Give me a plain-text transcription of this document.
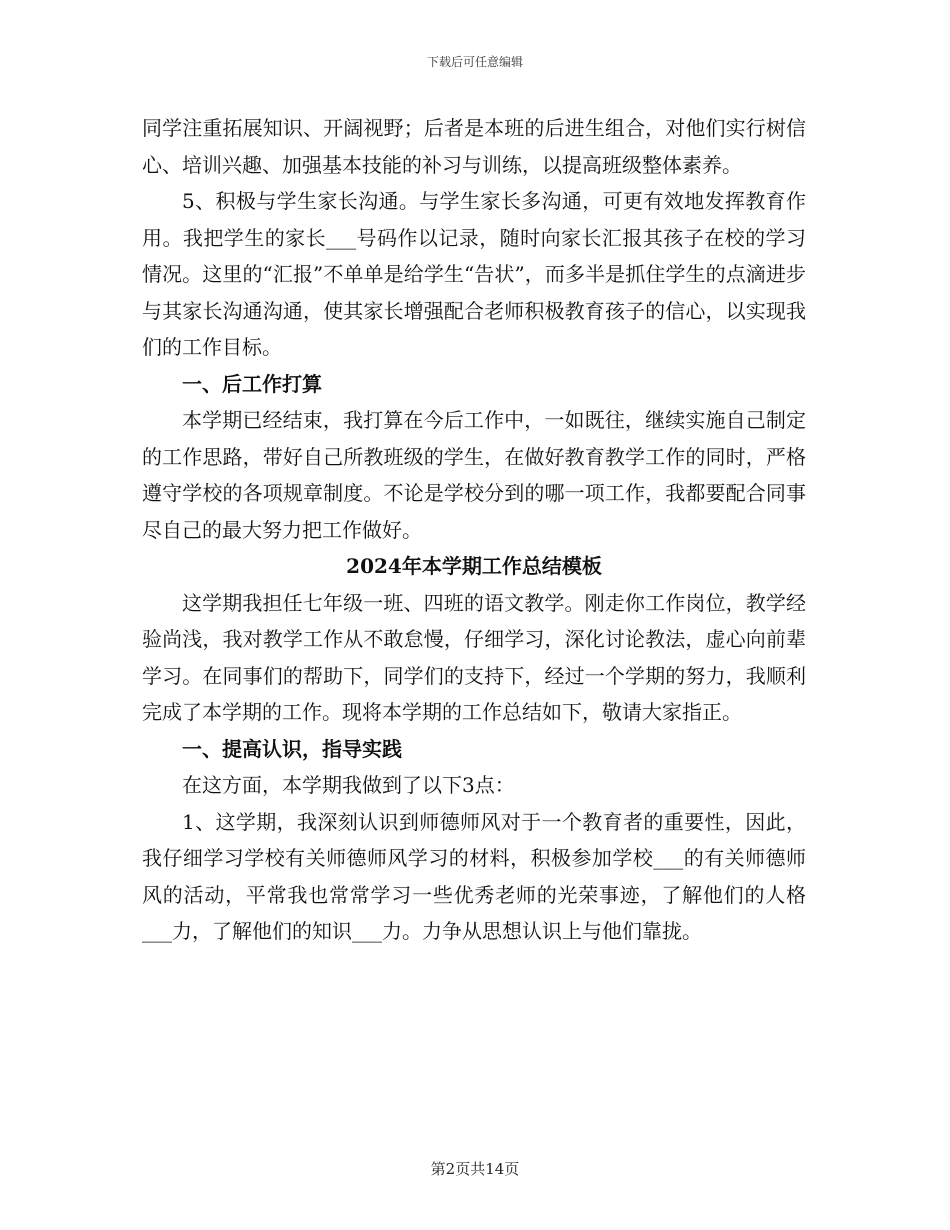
下载后可任意编辑

同学注重拓展知识、开阔视野；后者是本班的后进生组合，对他们实行树信心、培训兴趣、加强基本技能的补习与训练，以提高班级整体素养。

5、积极与学生家长沟通。与学生家长多沟通，可更有效地发挥教育作用。我把学生的家长___号码作以记录，随时向家长汇报其孩子在校的学习情况。这里的“汇报”不单单是给学生“告状”，而多半是抓住学生的点滴进步与其家长沟通沟通，使其家长增强配合老师积极教育孩子的信心，以实现我们的工作目标。

一、后工作打算

本学期已经结束，我打算在今后工作中，一如既往，继续实施自己制定的工作思路，带好自己所教班级的学生，在做好教育教学工作的同时，严格遵守学校的各项规章制度。不论是学校分到的哪一项工作，我都要配合同事尽自己的最大努力把工作做好。

2024年本学期工作总结模板

这学期我担任七年级一班、四班的语文教学。刚走你工作岗位，教学经验尚浅，我对教学工作从不敢怠慢，仔细学习，深化讨论教法，虚心向前辈学习。在同事们的帮助下，同学们的支持下，经过一个学期的努力，我顺利完成了本学期的工作。现将本学期的工作总结如下，敬请大家指正。

一、提高认识，指导实践

在这方面，本学期我做到了以下3点：

1、这学期，我深刻认识到师德师风对于一个教育者的重要性，因此，我仔细学习学校有关师德师风学习的材料，积极参加学校___的有关师德师风的活动，平常我也常常学习一些优秀老师的光荣事迹，了解他们的人格___力，了解他们的知识___力。力争从思想认识上与他们靠拢。

第2页共14页
